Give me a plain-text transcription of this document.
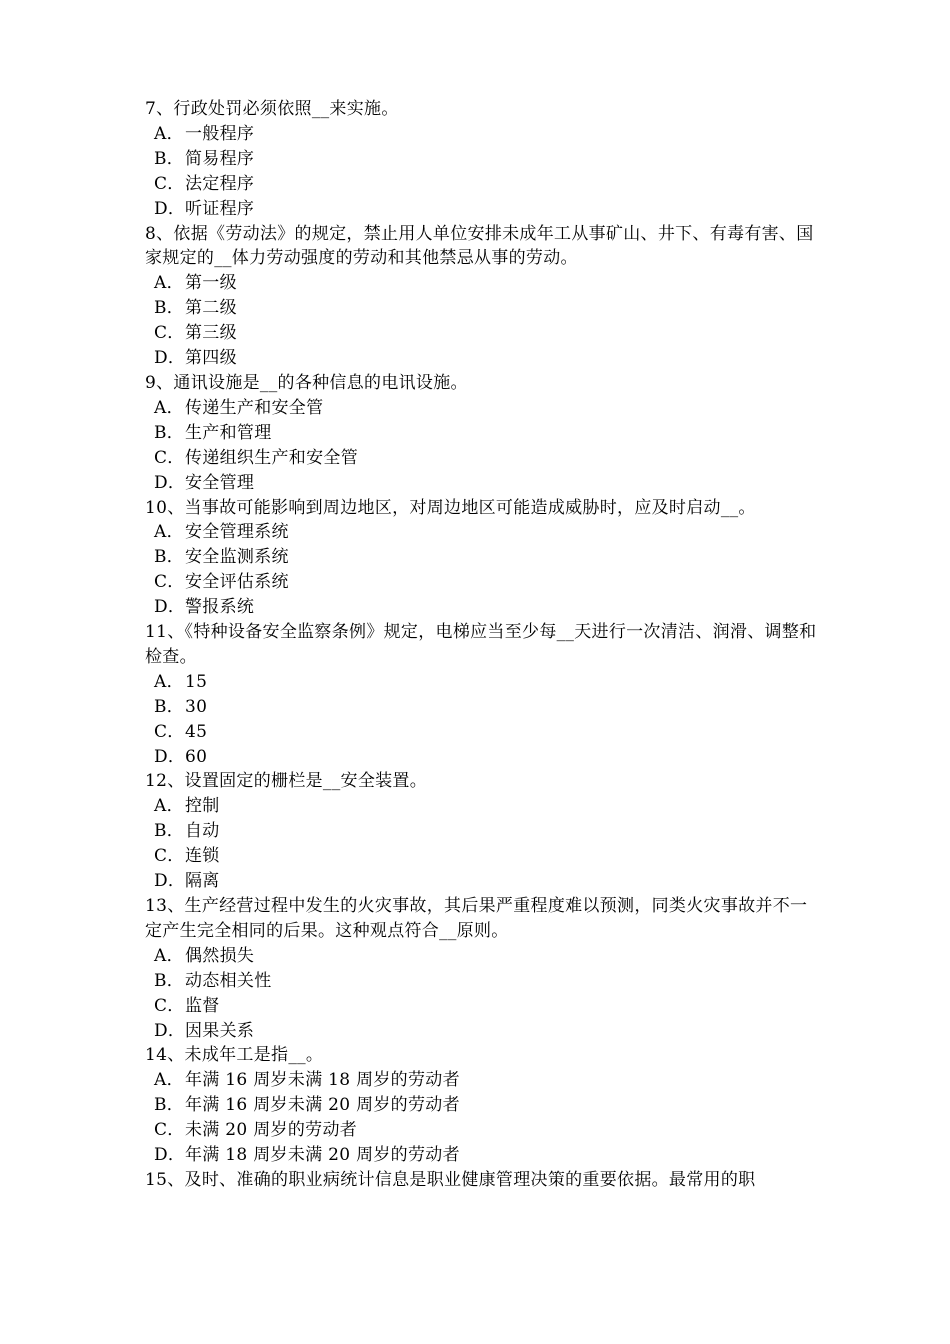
7、行政处罚必须依照__来实施。

A．一般程序

B．简易程序

C．法定程序

D．听证程序

8、依据《劳动法》的规定，禁止用人单位安排未成年工从事矿山、井下、有毒有害、国家规定的__体力劳动强度的劳动和其他禁忌从事的劳动。

A．第一级

B．第二级

C．第三级

D．第四级

9、通讯设施是__的各种信息的电讯设施。

A．传递生产和安全管

B．生产和管理

C．传递组织生产和安全管

D．安全管理

10、当事故可能影响到周边地区，对周边地区可能造成威胁时，应及时启动__。

A．安全管理系统

B．安全监测系统

C．安全评估系统

D．警报系统

11、《特种设备安全监察条例》规定，电梯应当至少每__天进行一次清洁、润滑、调整和检查。

A．15

B．30

C．45

D．60

12、设置固定的栅栏是__安全装置。

A．控制

B．自动

C．连锁

D．隔离

13、生产经营过程中发生的火灾事故，其后果严重程度难以预测，同类火灾事故并不一定产生完全相同的后果。这种观点符合__原则。

A．偶然损失

B．动态相关性

C．监督

D．因果关系

14、未成年工是指__。

A．年满 16 周岁未满 18 周岁的劳动者

B．年满 16 周岁未满 20 周岁的劳动者

C．未满 20 周岁的劳动者

D．年满 18 周岁未满 20 周岁的劳动者

15、及时、准确的职业病统计信息是职业健康管理决策的重要依据。最常用的职
